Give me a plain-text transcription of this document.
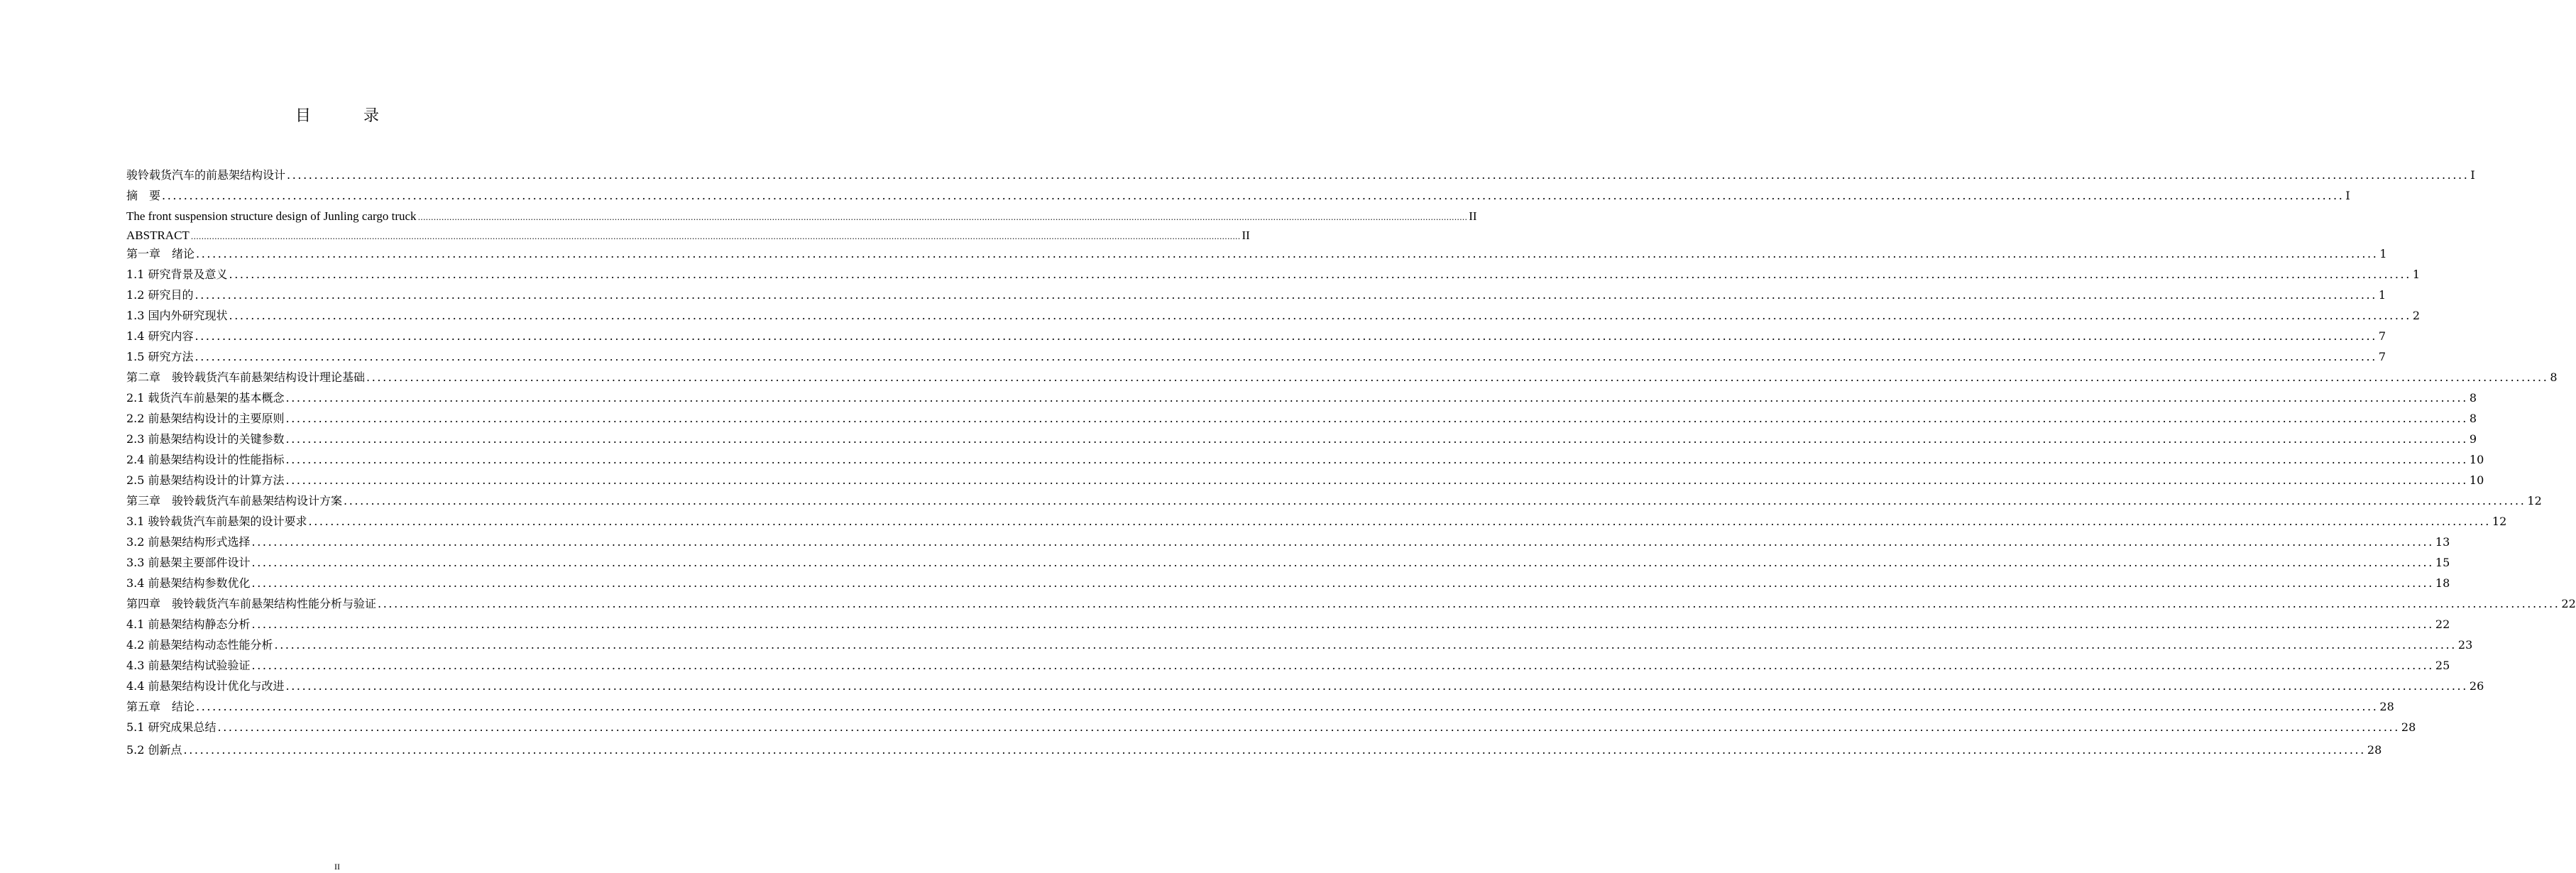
目　录
骏铃载货汽车的前悬架结构设计 ................................................................................................................................................................................................................................................................................................................................................................................................................ I
摘　要 ................................................................................................................................................................................................................................................................................................................................................................................................................ I
The front suspension structure design of Junling cargo truck ................................................................................................................................................................................................................................................................................................................................................................................................................ II
ABSTRACT ................................................................................................................................................................................................................................................................................................................................................................................................................ II
第一章　绪论 ................................................................................................................................................................................................................................................................................................................................................................................................................ 1
1.1 研究背景及意义 ................................................................................................................................................................................................................................................................................................................................................................................................................ 1
1.2 研究目的 ................................................................................................................................................................................................................................................................................................................................................................................................................ 1
1.3 国内外研究现状 ................................................................................................................................................................................................................................................................................................................................................................................................................ 2
1.4 研究内容 ................................................................................................................................................................................................................................................................................................................................................................................................................ 7
1.5 研究方法 ................................................................................................................................................................................................................................................................................................................................................................................................................ 7
第二章　骏铃载货汽车前悬架结构设计理论基础 ................................................................................................................................................................................................................................................................................................................................................................................................................ 8
2.1 载货汽车前悬架的基本概念 ................................................................................................................................................................................................................................................................................................................................................................................................................ 8
2.2 前悬架结构设计的主要原则 ................................................................................................................................................................................................................................................................................................................................................................................................................ 8
2.3 前悬架结构设计的关键参数 ................................................................................................................................................................................................................................................................................................................................................................................................................ 9
2.4 前悬架结构设计的性能指标 ................................................................................................................................................................................................................................................................................................................................................................................................................ 10
2.5 前悬架结构设计的计算方法 ................................................................................................................................................................................................................................................................................................................................................................................................................ 10
第三章　骏铃载货汽车前悬架结构设计方案 ................................................................................................................................................................................................................................................................................................................................................................................................................ 12
3.1 骏铃载货汽车前悬架的设计要求 ................................................................................................................................................................................................................................................................................................................................................................................................................ 12
3.2 前悬架结构形式选择 ................................................................................................................................................................................................................................................................................................................................................................................................................ 13
3.3 前悬架主要部件设计 ................................................................................................................................................................................................................................................................................................................................................................................................................ 15
3.4 前悬架结构参数优化 ................................................................................................................................................................................................................................................................................................................................................................................................................ 18
第四章　骏铃载货汽车前悬架结构性能分析与验证 ................................................................................................................................................................................................................................................................................................................................................................................................................ 22
4.1 前悬架结构静态分析 ................................................................................................................................................................................................................................................................................................................................................................................................................ 22
4.2 前悬架结构动态性能分析 ................................................................................................................................................................................................................................................................................................................................................................................................................ 23
4.3 前悬架结构试验验证 ................................................................................................................................................................................................................................................................................................................................................................................................................ 25
4.4 前悬架结构设计优化与改进 ................................................................................................................................................................................................................................................................................................................................................................................................................ 26
第五章　结论 ................................................................................................................................................................................................................................................................................................................................................................................................................ 28
5.1 研究成果总结 ................................................................................................................................................................................................................................................................................................................................................................................................................ 28
5.2 创新点 ................................................................................................................................................................................................................................................................................................................................................................................................................ 28
II
